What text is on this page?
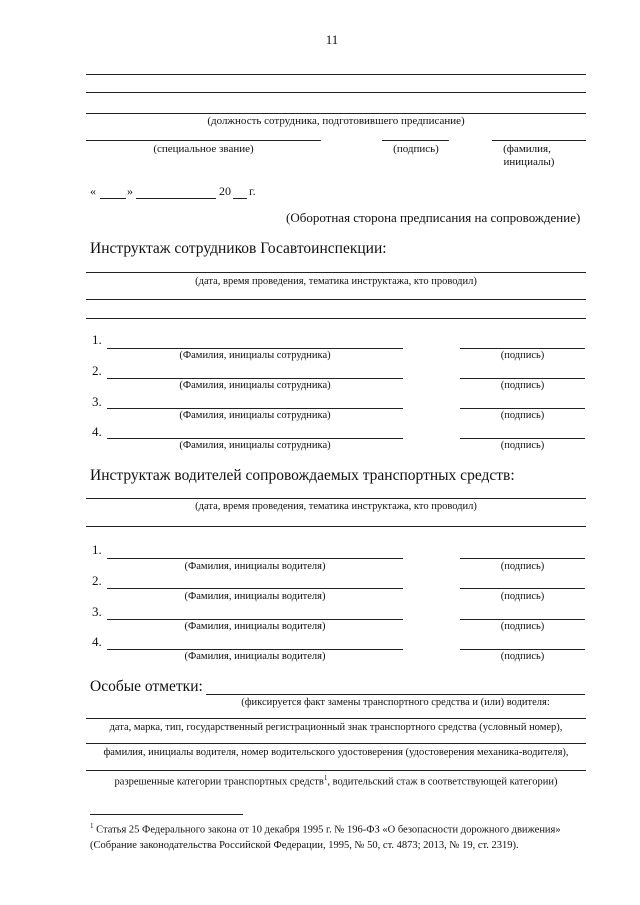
11
(должность сотрудника, подготовившего предписание)
(специальное звание)	(подпись)	(фамилия,
инициалы)
«	»	20 г.
(Оборотная сторона предписания на сопровождение)
Инструктаж сотрудников Госавтоинспекции:
(дата, время проведения, тематика инструктажа, кто проводил)
1.
(Фамилия, инициалы сотрудника)	(подпись)
2.
(Фамилия, инициалы сотрудника)	(подпись)
3.
(Фамилия, инициалы сотрудника)	(подпись)
4.
(Фамилия, инициалы сотрудника)	(подпись)
Инструктаж водителей сопровождаемых транспортных средств:
(дата, время проведения, тематика инструктажа, кто проводил)
1.
(Фамилия, инициалы водителя)	(подпись)
2.
(Фамилия, инициалы водителя)	(подпись)
3.
(Фамилия, инициалы водителя)	(подпись)
4.
(Фамилия, инициалы водителя)	(подпись)
Особые отметки:
(фиксируется факт замены транспортного средства и (или) водителя:
дата, марка, тип, государственный регистрационный знак транспортного средства (условный номер),
фамилия, инициалы водителя, номер водительского удостоверения (удостоверения механика-водителя),
разрешенные категории транспортных средств$^1$, водительский стаж в соответствующей категории)
$^1$ Статья 25 Федерального закона от 10 декабря 1995 г. № 196-ФЗ «О безопасности дорожного движения»
(Собрание законодательства Российской Федерации, 1995, № 50, ст. 4873; 2013, № 19, ст. 2319).
